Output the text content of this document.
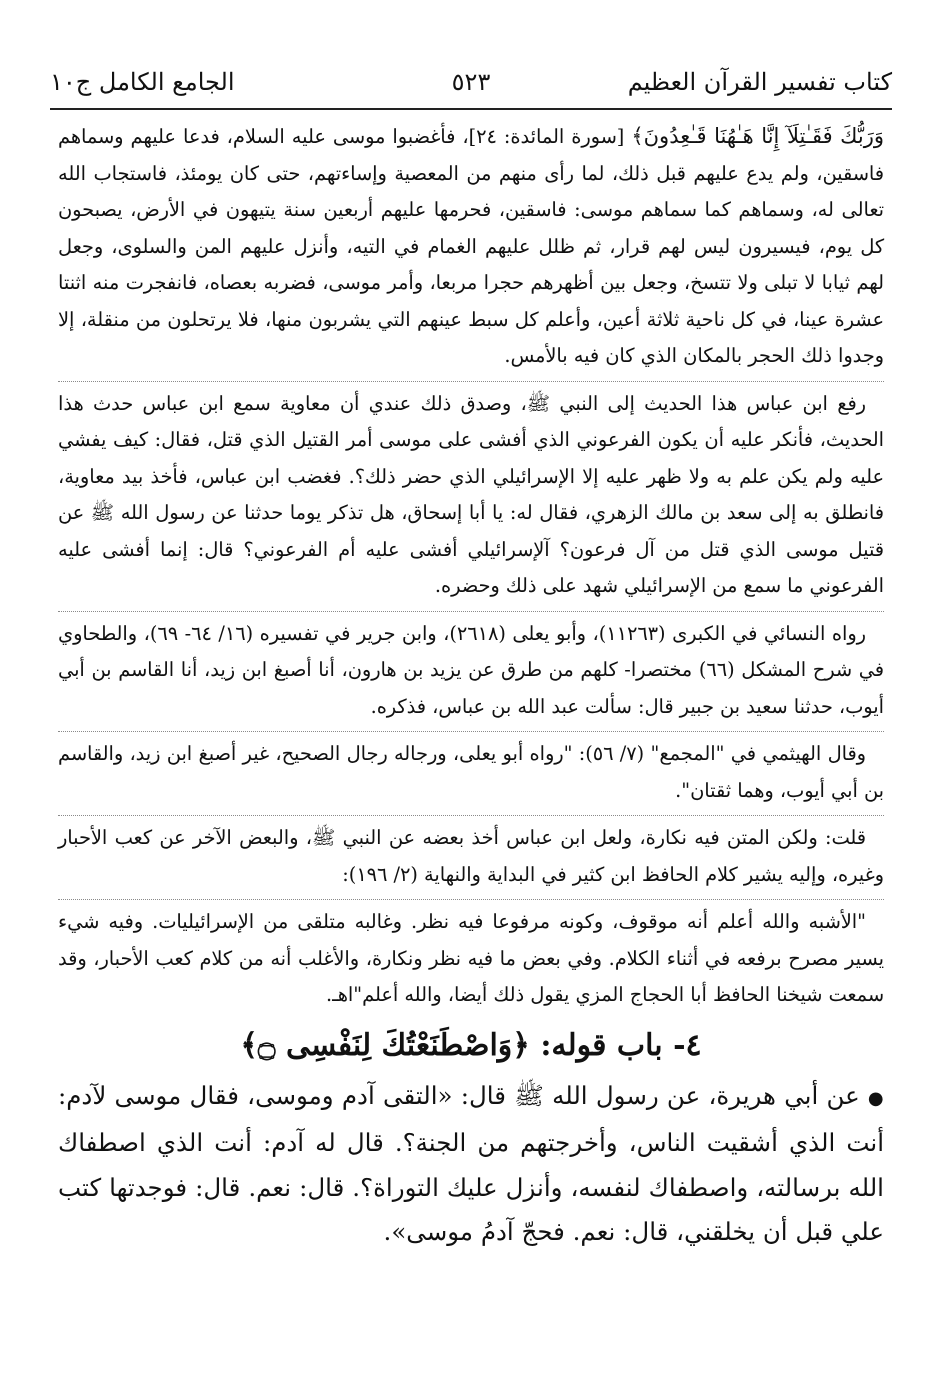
كتاب تفسير القرآن العظيم
٥٢٣
الجامع الكامل ج١٠

وَرَبُّكَ فَقَـٰتِلَآ إِنَّا هَـٰهُنَا قَـٰعِدُونَ﴾ [سورة المائدة: ٢٤]، فأغضبوا موسى عليه السلام، فدعا عليهم وسماهم فاسقين، ولم يدع عليهم قبل ذلك، لما رأى منهم من المعصية وإساءتهم، حتى كان يومئذ، فاستجاب الله تعالى له، وسماهم كما سماهم موسى: فاسقين، فحرمها عليهم أربعين سنة يتيهون في الأرض، يصبحون كل يوم، فيسيرون ليس لهم قرار، ثم ظلل عليهم الغمام في التيه، وأنزل عليهم المن والسلوى، وجعل لهم ثيابا لا تبلى ولا تتسخ، وجعل بين أظهرهم حجرا مربعا، وأمر موسى، فضربه بعصاه، فانفجرت منه اثنتا عشرة عينا، في كل ناحية ثلاثة أعين، وأعلم كل سبط عينهم التي يشربون منها، فلا يرتحلون من منقلة، إلا وجدوا ذلك الحجر بالمكان الذي كان فيه بالأمس.

رفع ابن عباس هذا الحديث إلى النبي ﷺ، وصدق ذلك عندي أن معاوية سمع ابن عباس حدث هذا الحديث، فأنكر عليه أن يكون الفرعوني الذي أفشى على موسى أمر القتيل الذي قتل، فقال: كيف يفشي عليه ولم يكن علم به ولا ظهر عليه إلا الإسرائيلي الذي حضر ذلك؟. فغضب ابن عباس، فأخذ بيد معاوية، فانطلق به إلى سعد بن مالك الزهري، فقال له: يا أبا إسحاق، هل تذكر يوما حدثنا عن رسول الله ﷺ عن قتيل موسى الذي قتل من آل فرعون؟ آلإسرائيلي أفشى عليه أم الفرعوني؟ قال: إنما أفشى عليه الفرعوني ما سمع من الإسرائيلي شهد على ذلك وحضره.

رواه النسائي في الكبرى (١١٢٦٣)، وأبو يعلى (٢٦١٨)، وابن جرير في تفسيره (١٦/ ٦٤- ٦٩)، والطحاوي في شرح المشكل (٦٦) مختصرا- كلهم من طرق عن يزيد بن هارون، أنا أصبغ ابن زيد، أنا القاسم بن أبي أيوب، حدثنا سعيد بن جبير قال: سألت عبد الله بن عباس، فذكره.

وقال الهيثمي في "المجمع" (٧/ ٥٦): "رواه أبو يعلى، ورجاله رجال الصحيح، غير أصبغ ابن زيد، والقاسم بن أبي أيوب، وهما ثقتان".

قلت: ولكن المتن فيه نكارة، ولعل ابن عباس أخذ بعضه عن النبي ﷺ، والبعض الآخر عن كعب الأحبار وغيره، وإليه يشير كلام الحافظ ابن كثير في البداية والنهاية (٢/ ١٩٦):

"الأشبه والله أعلم أنه موقوف، وكونه مرفوعا فيه نظر. وغالبه متلقى من الإسرائيليات. وفيه شيء يسير مصرح برفعه في أثناء الكلام. وفي بعض ما فيه نظر ونكارة، والأغلب أنه من كلام كعب الأحبار، وقد سمعت شيخنا الحافظ أبا الحجاج المزي يقول ذلك أيضا، والله أعلم"اهـ.

٤- باب قوله: ﴿وَاصْطَنَعْتُكَ لِنَفْسِى ۝﴾

●عن أبي هريرة، عن رسول الله ﷺ قال: «التقى آدم وموسى، فقال موسى لآدم: أنت الذي أشقيت الناس، وأخرجتهم من الجنة؟. قال له آدم: أنت الذي اصطفاك الله برسالته، واصطفاك لنفسه، وأنزل عليك التوراة؟. قال: نعم. قال: فوجدتها كتب علي قبل أن يخلقني، قال: نعم. فحجّ آدمُ موسى».
